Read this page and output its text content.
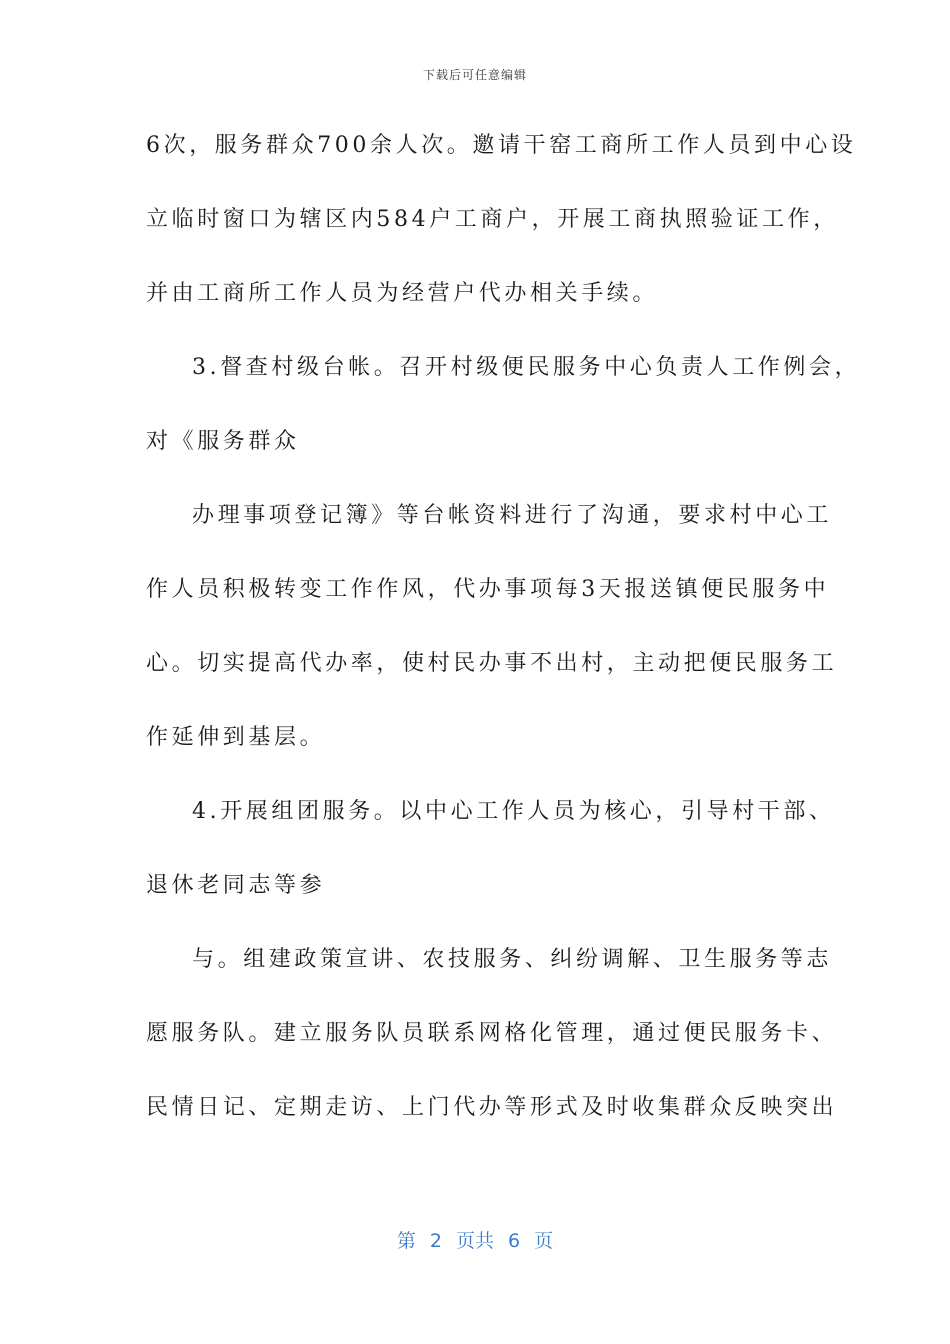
下载后可任意编辑
6次，服务群众700余人次。邀请干窑工商所工作人员到中心设
立临时窗口为辖区内584户工商户，开展工商执照验证工作，
并由工商所工作人员为经营户代办相关手续。
3.督查村级台帐。召开村级便民服务中心负责人工作例会，
对《服务群众
办理事项登记簿》等台帐资料进行了沟通，要求村中心工
作人员积极转变工作作风，代办事项每3天报送镇便民服务中
心。切实提高代办率，使村民办事不出村，主动把便民服务工
作延伸到基层。
4.开展组团服务。以中心工作人员为核心，引导村干部、
退休老同志等参
与。组建政策宣讲、农技服务、纠纷调解、卫生服务等志
愿服务队。建立服务队员联系网格化管理，通过便民服务卡、
民情日记、定期走访、上门代办等形式及时收集群众反映突出
第 2 页共 6 页
